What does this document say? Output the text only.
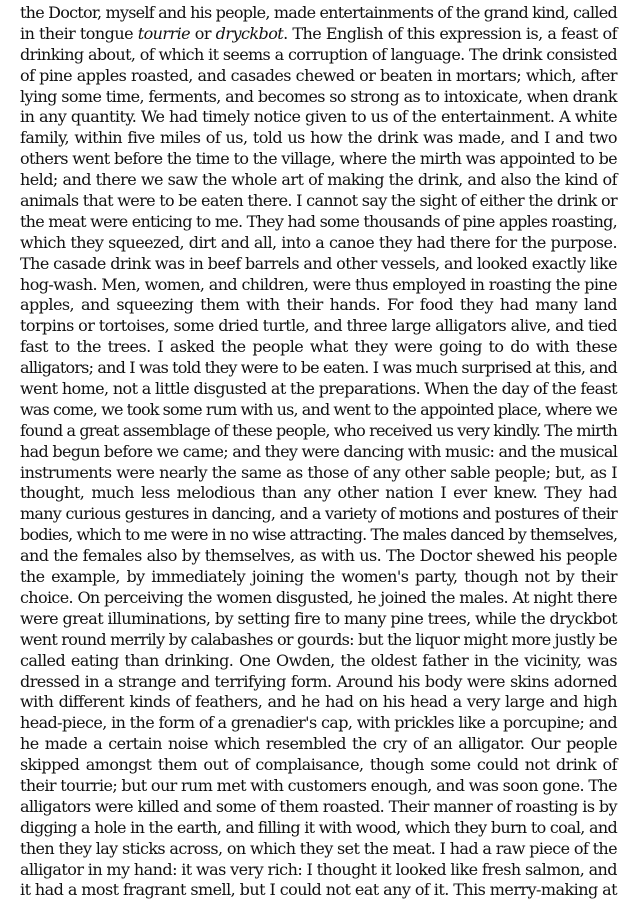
the Doctor, myself and his people, made entertainments of the grand kind, called
in their tongue tourrie or dryckbot. The English of this expression is, a feast of
drinking about, of which it seems a corruption of language. The drink consisted
of pine apples roasted, and casades chewed or beaten in mortars; which, after
lying some time, ferments, and becomes so strong as to intoxicate, when drank
in any quantity. We had timely notice given to us of the entertainment. A white
family, within five miles of us, told us how the drink was made, and I and two
others went before the time to the village, where the mirth was appointed to be
held; and there we saw the whole art of making the drink, and also the kind of
animals that were to be eaten there. I cannot say the sight of either the drink or
the meat were enticing to me. They had some thousands of pine apples roasting,
which they squeezed, dirt and all, into a canoe they had there for the purpose.
The casade drink was in beef barrels and other vessels, and looked exactly like
hog-wash. Men, women, and children, were thus employed in roasting the pine
apples, and squeezing them with their hands. For food they had many land
torpins or tortoises, some dried turtle, and three large alligators alive, and tied
fast to the trees. I asked the people what they were going to do with these
alligators; and I was told they were to be eaten. I was much surprised at this, and
went home, not a little disgusted at the preparations. When the day of the feast
was come, we took some rum with us, and went to the appointed place, where we
found a great assemblage of these people, who received us very kindly. The mirth
had begun before we came; and they were dancing with music: and the musical
instruments were nearly the same as those of any other sable people; but, as I
thought, much less melodious than any other nation I ever knew. They had
many curious gestures in dancing, and a variety of motions and postures of their
bodies, which to me were in no wise attracting. The males danced by themselves,
and the females also by themselves, as with us. The Doctor shewed his people
the example, by immediately joining the women's party, though not by their
choice. On perceiving the women disgusted, he joined the males. At night there
were great illuminations, by setting fire to many pine trees, while the dryckbot
went round merrily by calabashes or gourds: but the liquor might more justly be
called eating than drinking. One Owden, the oldest father in the vicinity, was
dressed in a strange and terrifying form. Around his body were skins adorned
with different kinds of feathers, and he had on his head a very large and high
head-piece, in the form of a grenadier's cap, with prickles like a porcupine; and
he made a certain noise which resembled the cry of an alligator. Our people
skipped amongst them out of complaisance, though some could not drink of
their tourrie; but our rum met with customers enough, and was soon gone. The
alligators were killed and some of them roasted. Their manner of roasting is by
digging a hole in the earth, and filling it with wood, which they burn to coal, and
then they lay sticks across, on which they set the meat. I had a raw piece of the
alligator in my hand: it was very rich: I thought it looked like fresh salmon, and
it had a most fragrant smell, but I could not eat any of it. This merry-making at
